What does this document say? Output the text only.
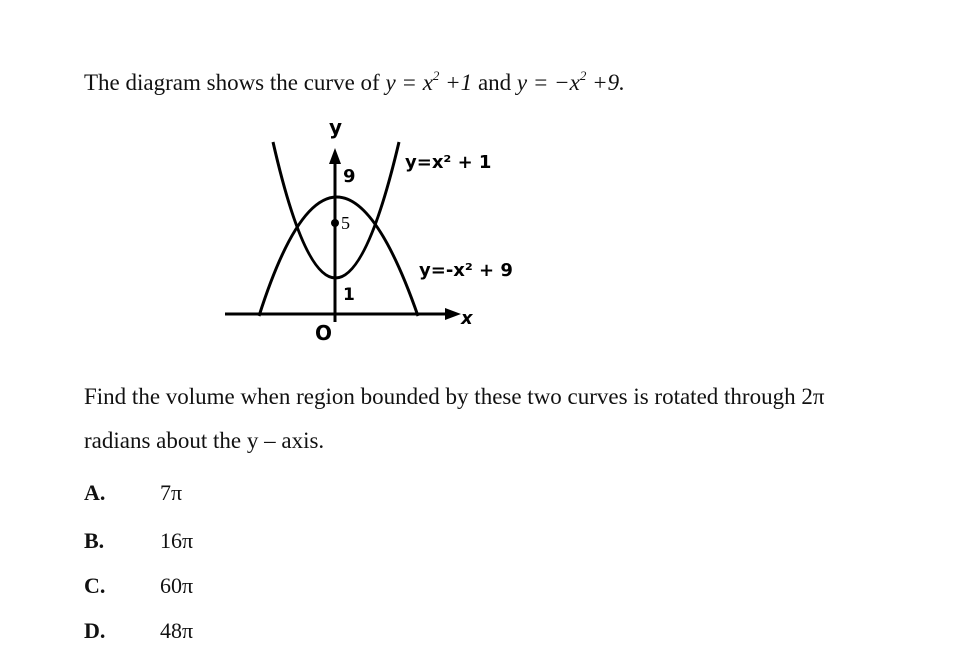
The diagram shows the curve of $y = x^2 +1$ and $y = -x^2 +9$.
y
x
O
9
5
1
y=x² + 1
y=-x² + 9
Find the volume when region bounded by these two curves is rotated through 2π
radians about the y – axis.
A. 7π
B.	16π
C. 60π
D. 48π
